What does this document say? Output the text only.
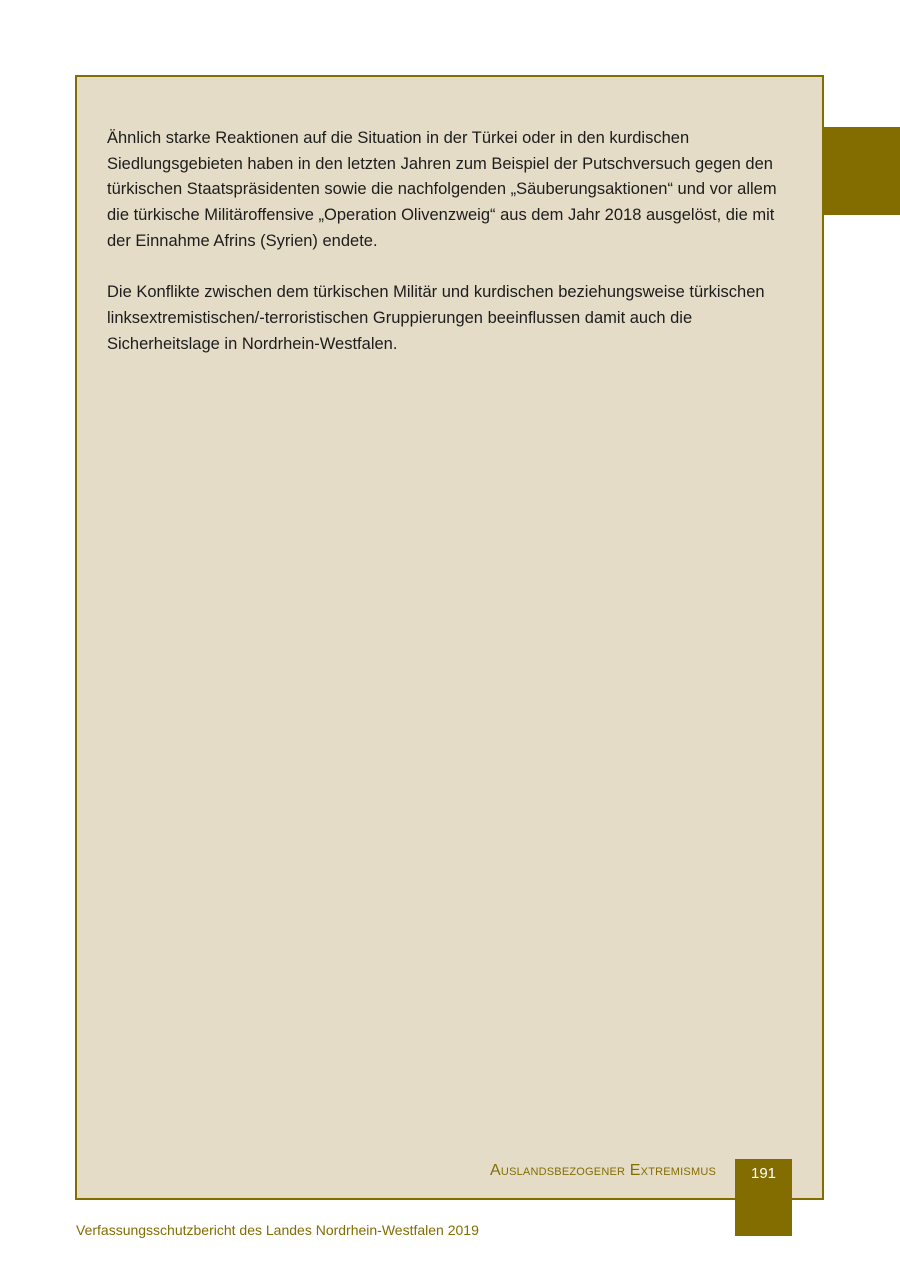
Ähnlich starke Reaktionen auf die Situation in der Türkei oder in den kurdischen Siedlungsgebieten haben in den letzten Jahren zum Beispiel der Putschversuch gegen den türkischen Staatspräsidenten sowie die nachfolgenden „Säuberungsaktionen“ und vor allem die türkische Militäroffensive „Operation Olivenzweig“ aus dem Jahr 2018 ausgelöst, die mit der Einnahme Afrins (Syrien) endete.

Die Konflikte zwischen dem türkischen Militär und kurdischen beziehungsweise türkischen linksextremistischen/-terroristischen Gruppierungen beeinflussen damit auch die Sicherheitslage in Nordrhein-Westfalen.

Auslandsbezogener Extremismus	191
Verfassungsschutzbericht des Landes Nordrhein-Westfalen 2019
